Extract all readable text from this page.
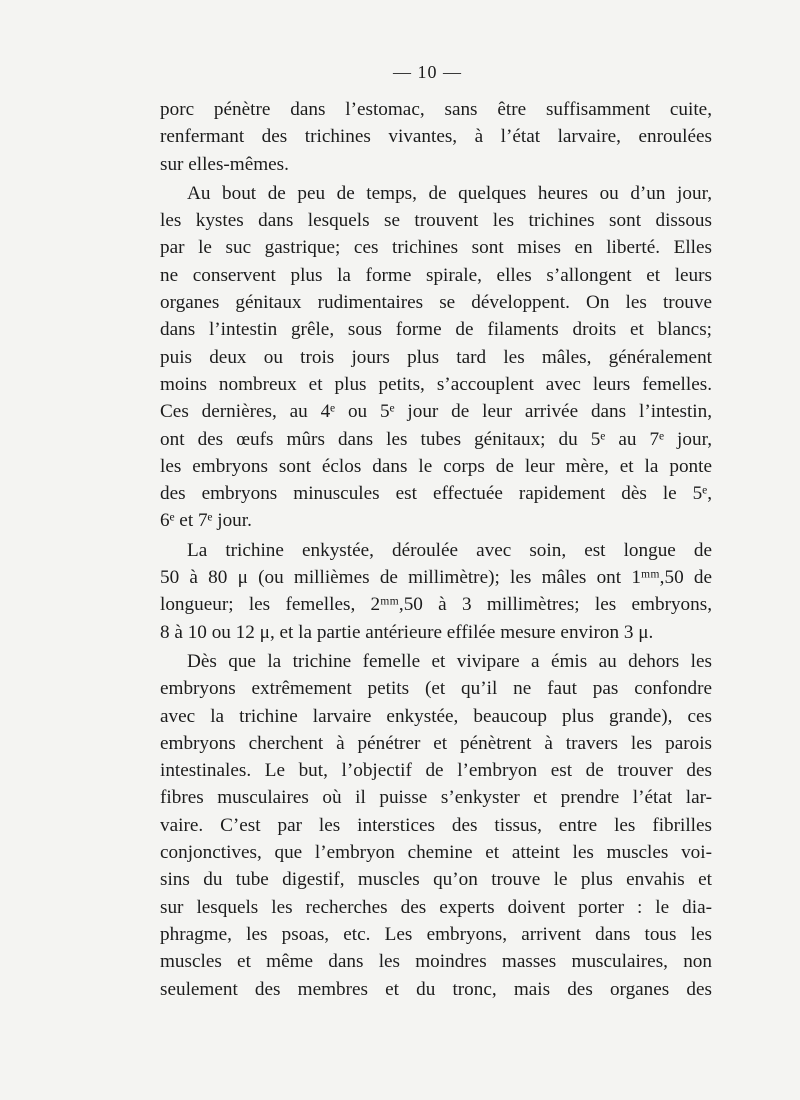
— 10 —
porc pénètre dans l’estomac, sans être suffisamment cuite,
renfermant des trichines vivantes, à l’état larvaire, enroulées
sur elles-mêmes.
Au bout de peu de temps, de quelques heures ou d’un jour,
les kystes dans lesquels se trouvent les trichines sont dissous
par le suc gastrique; ces trichines sont mises en liberté. Elles
ne conservent plus la forme spirale, elles s’allongent et leurs
organes génitaux rudimentaires se développent. On les trouve
dans l’intestin grêle, sous forme de filaments droits et blancs;
puis deux ou trois jours plus tard les mâles, généralement
moins nombreux et plus petits, s’accouplent avec leurs femelles.
Ces dernières, au 4ᵉ ou 5ᵉ jour de leur arrivée dans l’intestin,
ont des œufs mûrs dans les tubes génitaux; du 5ᵉ au 7ᵉ jour,
les embryons sont éclos dans le corps de leur mère, et la ponte
des embryons minuscules est effectuée rapidement dès le 5ᵉ,
6ᵉ et 7ᵉ jour.
La trichine enkystée, déroulée avec soin, est longue de
50 à 80 μ (ou millièmes de millimètre); les mâles ont 1ᵐᵐ,50 de
longueur; les femelles, 2ᵐᵐ,50 à 3 millimètres; les embryons,
8 à 10 ou 12 μ, et la partie antérieure effilée mesure environ 3 μ.
Dès que la trichine femelle et vivipare a émis au dehors les
embryons extrêmement petits (et qu’il ne faut pas confondre
avec la trichine larvaire enkystée, beaucoup plus grande), ces
embryons cherchent à pénétrer et pénètrent à travers les parois
intestinales. Le but, l’objectif de l’embryon est de trouver des
fibres musculaires où il puisse s’enkyster et prendre l’état lar-
vaire. C’est par les interstices des tissus, entre les fibrilles
conjonctives, que l’embryon chemine et atteint les muscles voi-
sins du tube digestif, muscles qu’on trouve le plus envahis et
sur lesquels les recherches des experts doivent porter : le dia-
phragme, les psoas, etc. Les embryons, arrivent dans tous les
muscles et même dans les moindres masses musculaires, non
seulement des membres et du tronc, mais des organes des
